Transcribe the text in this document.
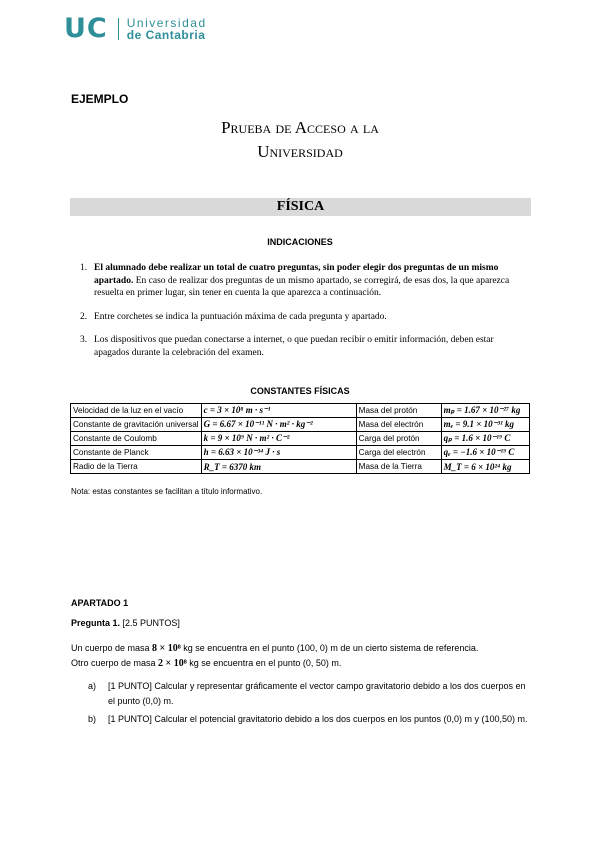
UC Universidad
de Cantabria
EJEMPLO
Prueba de Acceso a la
Universidad
FÍSICA
INDICACIONES
1. El alumnado debe realizar un total de cuatro preguntas, sin poder elegir dos preguntas de un mismo apartado. En caso de realizar dos preguntas de un mismo apartado, se corregirá, de esas dos, la que aparezca resuelta en primer lugar, sin tener en cuenta la que aparezca a continuación.
2. Entre corchetes se indica la puntuación máxima de cada pregunta y apartado.
3. Los dispositivos que puedan conectarse a internet, o que puedan recibir o emitir información, deben estar apagados durante la celebración del examen.
CONSTANTES FÍSICAS
Velocidad de la luz en el vacío	c = 3 × 10⁸ m · s⁻¹	Masa del protón	mₚ = 1.67 × 10⁻²⁷ kg
Constante de gravitación universal	G = 6.67 × 10⁻¹¹ N · m² · kg⁻²	Masa del electrón	mₑ = 9.1 × 10⁻³¹ kg
Constante de Coulomb	k = 9 × 10⁹ N · m² · C⁻²	Carga del protón	qₚ = 1.6 × 10⁻¹⁹ C
Constante de Planck	h = 6.63 × 10⁻³⁴ J · s	Carga del electrón	qₑ = −1.6 × 10⁻¹⁹ C
Radio de la Tierra	R_T = 6370 km	Masa de la Tierra	M_T = 6 × 10²⁴ kg
Nota: estas constantes se facilitan a título informativo.
APARTADO 1
Pregunta 1. [2.5 PUNTOS]
Un cuerpo de masa 8 × 10⁸ kg se encuentra en el punto (100, 0) m de un cierto sistema de referencia.
Otro cuerpo de masa 2 × 10⁸ kg se encuentra en el punto (0, 50) m.
a) [1 PUNTO] Calcular y representar gráficamente el vector campo gravitatorio debido a los dos cuerpos en el punto (0,0) m.
b) [1 PUNTO] Calcular el potencial gravitatorio debido a los dos cuerpos en los puntos (0,0) m y (100,50) m.
